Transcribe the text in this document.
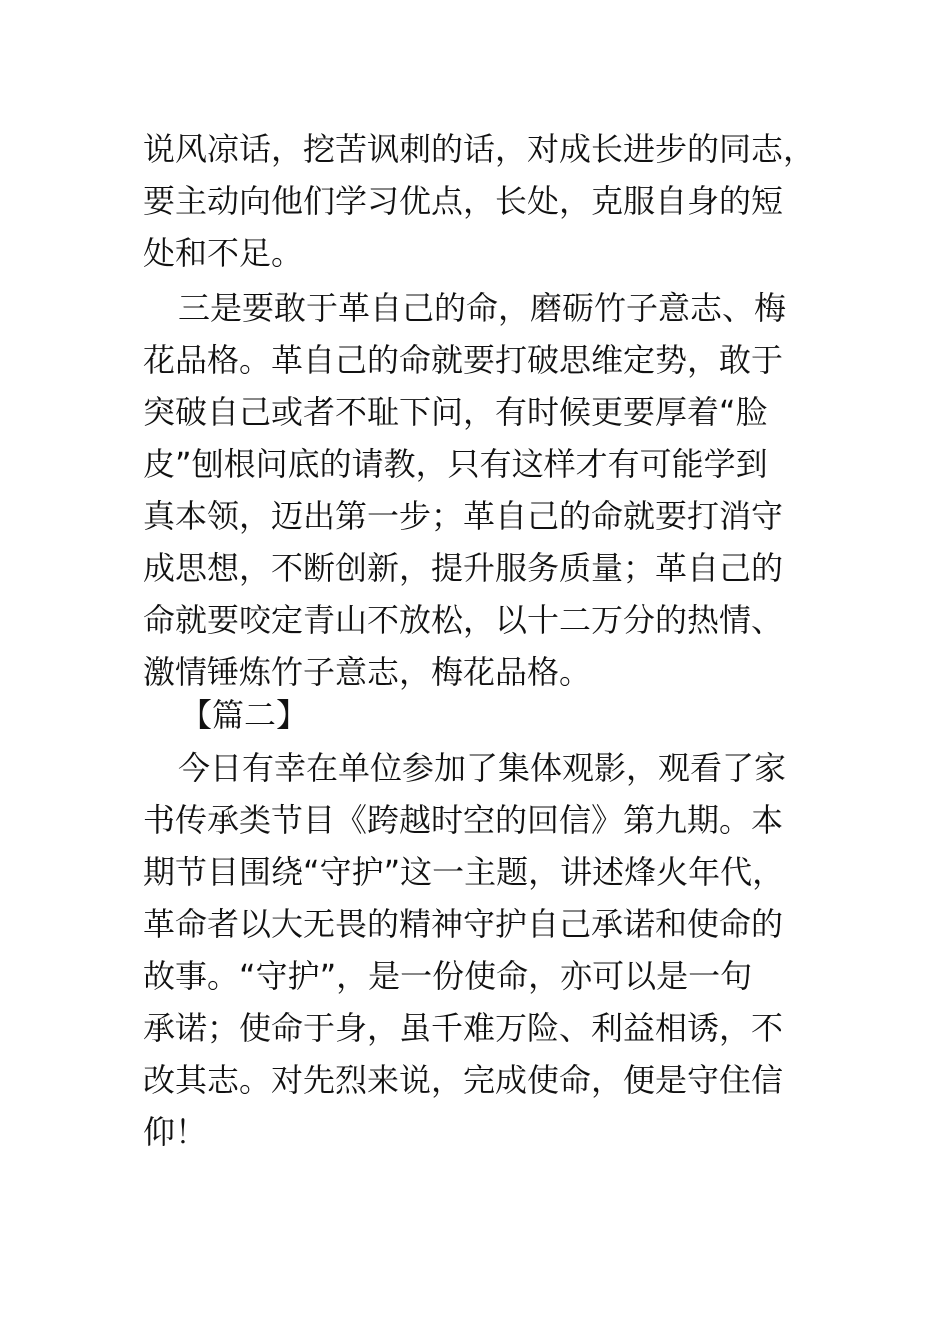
说风凉话，挖苦讽刺的话，对成长进步的同志，
要主动向他们学习优点，长处，克服自身的短
处和不足。
三是要敢于革自己的命，磨砺竹子意志、梅
花品格。革自己的命就要打破思维定势，敢于
突破自己或者不耻下问，有时候更要厚着“脸
皮”刨根问底的请教，只有这样才有可能学到
真本领，迈出第一步；革自己的命就要打消守
成思想，不断创新，提升服务质量；革自己的
命就要咬定青山不放松，以十二万分的热情、
激情锤炼竹子意志，梅花品格。
【篇二】
今日有幸在单位参加了集体观影，观看了家
书传承类节目《跨越时空的回信》第九期。本
期节目围绕“守护”这一主题，讲述烽火年代，
革命者以大无畏的精神守护自己承诺和使命的
故事。“守护”，是一份使命，亦可以是一句
承诺；使命于身，虽千难万险、利益相诱，不
改其志。对先烈来说，完成使命，便是守住信
仰！
